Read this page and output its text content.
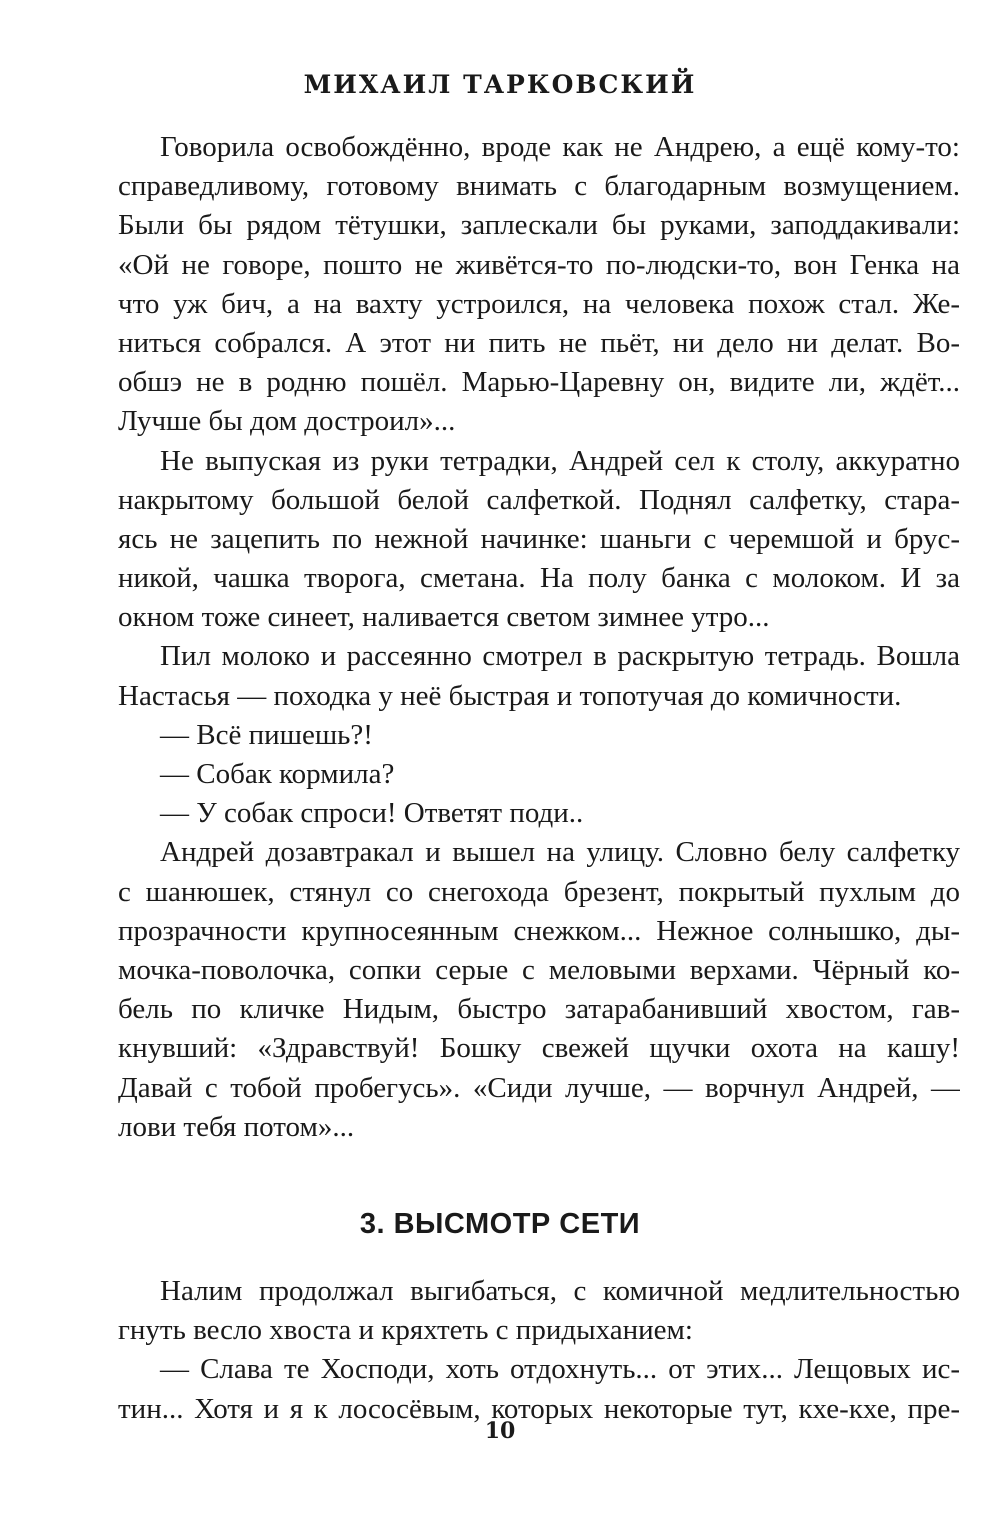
МИХАИЛ ТАРКОВСКИЙ
Говорила освобождённо, вроде как не Андрею, а ещё кому-то:
справедливому, готовому внимать с благодарным возмущением.
Были бы рядом тётушки, заплескали бы руками, заподдакивали:
«Ой не говоре, пошто не живётся-то по-людски-то, вон Генка на
что уж бич, а на вахту устроился, на человека похож стал. Же-
ниться собрался. А этот ни пить не пьёт, ни дело ни делат. Во-
обшэ не в родню пошёл. Марью-Царевну он, видите ли, ждёт...
Лучше бы дом достроил»...
Не выпуская из руки тетрадки, Андрей сел к столу, аккуратно
накрытому большой белой салфеткой. Поднял салфетку, стара-
ясь не зацепить по нежной начинке: шаньги с черемшой и брус-
никой, чашка творога, сметана. На полу банка с молоком. И за
окном тоже синеет, наливается светом зимнее утро...
Пил молоко и рассеянно смотрел в раскрытую тетрадь. Вошла
Настасья — походка у неё быстрая и топотучая до комичности.
— Всё пишешь?!
— Собак кормила?
— У собак спроси! Ответят поди..
Андрей дозавтракал и вышел на улицу. Словно белу салфетку
с шанюшек, стянул со снегохода брезент, покрытый пухлым до
прозрачности крупносеянным снежком... Нежное солнышко, ды-
мочка-поволочка, сопки серые с меловыми верхами. Чёрный ко-
бель по кличке Нидым, быстро затарабанивший хвостом, гав-
кнувший: «Здравствуй! Бошку свежей щучки охота на кашу!
Давай с тобой пробегусь». «Сиди лучше, — ворчнул Андрей, —
лови тебя потом»...
3. ВЫСМОТР СЕТИ
Налим продолжал выгибаться, с комичной медлительностью
гнуть весло хвоста и кряхтеть с придыханием:
— Слава те Хосподи, хоть отдохнуть... от этих... Лещовых ис-
тин... Хотя и я к лососёвым, которых некоторые тут, кхе-кхе, пре-
10
